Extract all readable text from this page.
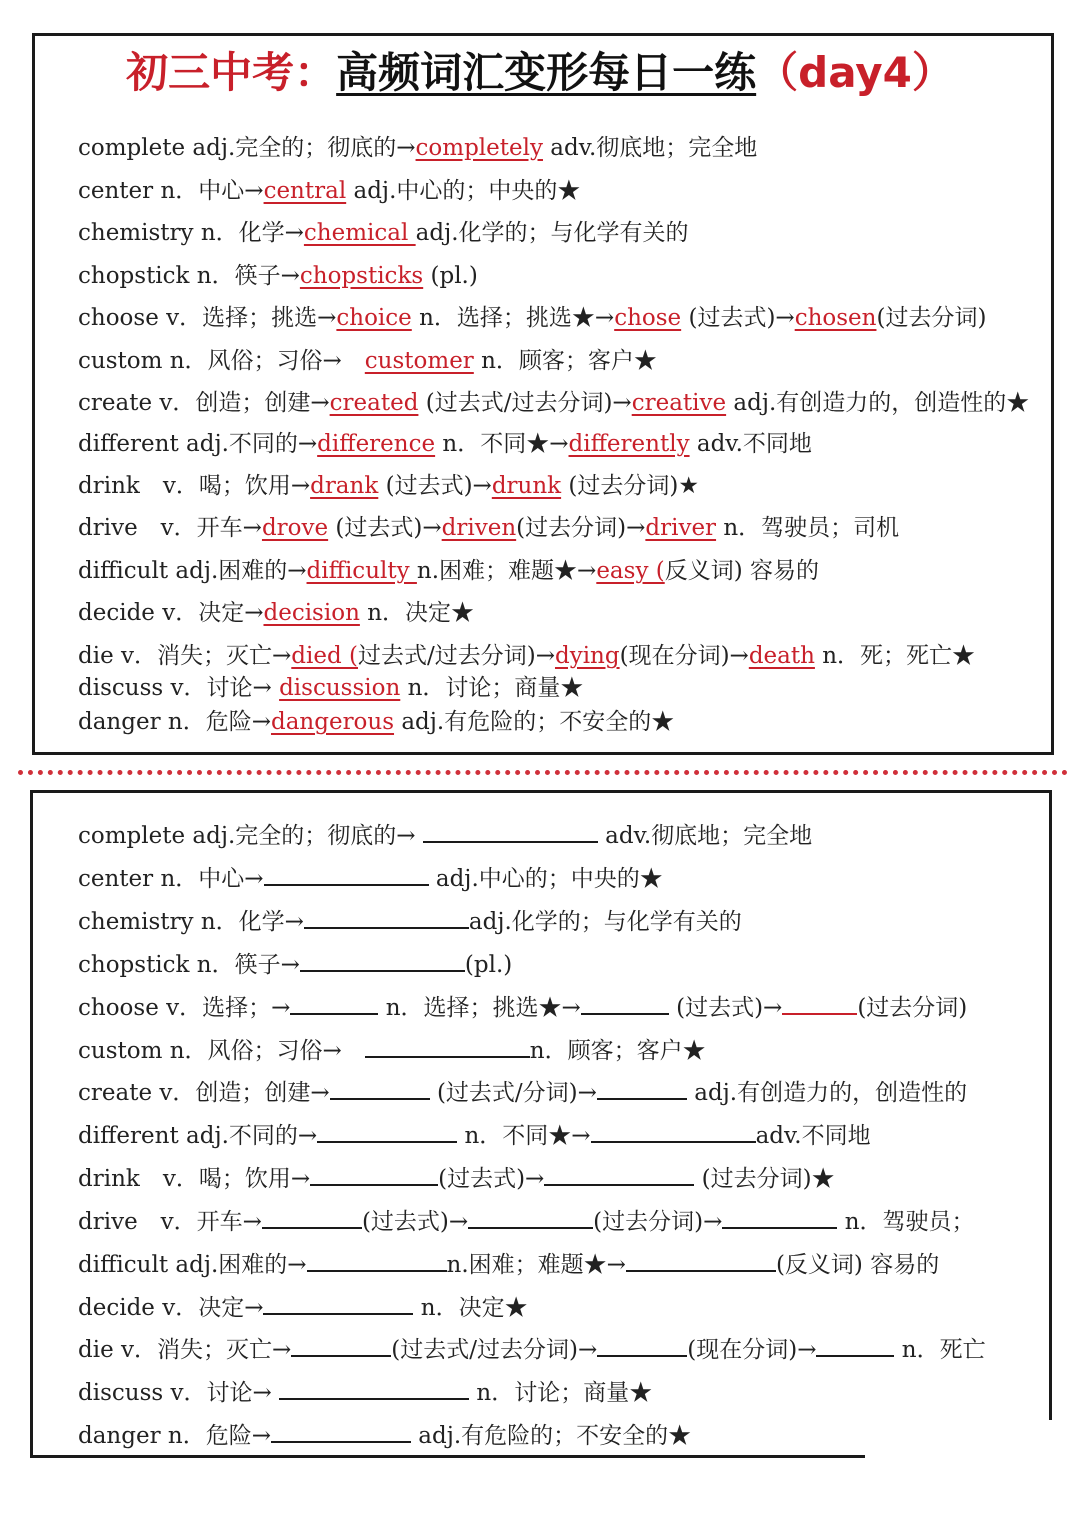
初三中考：高频词汇变形每日一练（day4）
complete adj.完全的；彻底的→completely adv.彻底地；完全地
center n．中心→central adj.中心的；中央的★
chemistry n．化学→chemical adj.化学的；与化学有关的
chopstick n．筷子→chopsticks (pl.)
choose v．选择；挑选→choice n．选择；挑选★→chose (过去式)→chosen(过去分词)
custom n．风俗；习俗→　customer n．顾客；客户★
create v．创造；创建→created (过去式/过去分词)→creative adj.有创造力的，创造性的★
different adj.不同的→difference n．不同★→differently adv.不同地
drink　v．喝；饮用→drank (过去式)→drunk (过去分词)★
drive　v．开车→drove (过去式)→driven(过去分词)→driver n．驾驶员；司机
difficult adj.困难的→difficulty n.困难；难题★→easy (反义词) 容易的
decide v．决定→decision n．决定★
die v．消失；灭亡→died (过去式/过去分词)→dying(现在分词)→death n．死；死亡★
discuss v．讨论→ discussion n．讨论；商量★
danger n．危险→dangerous adj.有危险的；不安全的★
complete adj.完全的；彻底的→	adv.彻底地；完全地
center n．中心→	adj.中心的；中央的★
chemistry n．化学→	adj.化学的；与化学有关的
chopstick n．筷子→	(pl.)
choose v．选择；→	n．选择；挑选★→	(过去式)→	(过去分词)
custom n．风俗；习俗→　	n．顾客；客户★
create v．创造；创建→	(过去式/分词)→	adj.有创造力的，创造性的
different adj.不同的→	n．不同★→	adv.不同地
drink　v．喝；饮用→	(过去式)→	(过去分词)★
drive　v．开车→	(过去式)→	(过去分词)→	n．驾驶员；
difficult adj.困难的→	n.困难；难题★→	(反义词) 容易的
decide v．决定→	n．决定★
die v．消失；灭亡→	(过去式/过去分词)→	(现在分词)→	n．死亡
discuss v．讨论→	n．讨论；商量★
danger n．危险→	adj.有危险的；不安全的★
